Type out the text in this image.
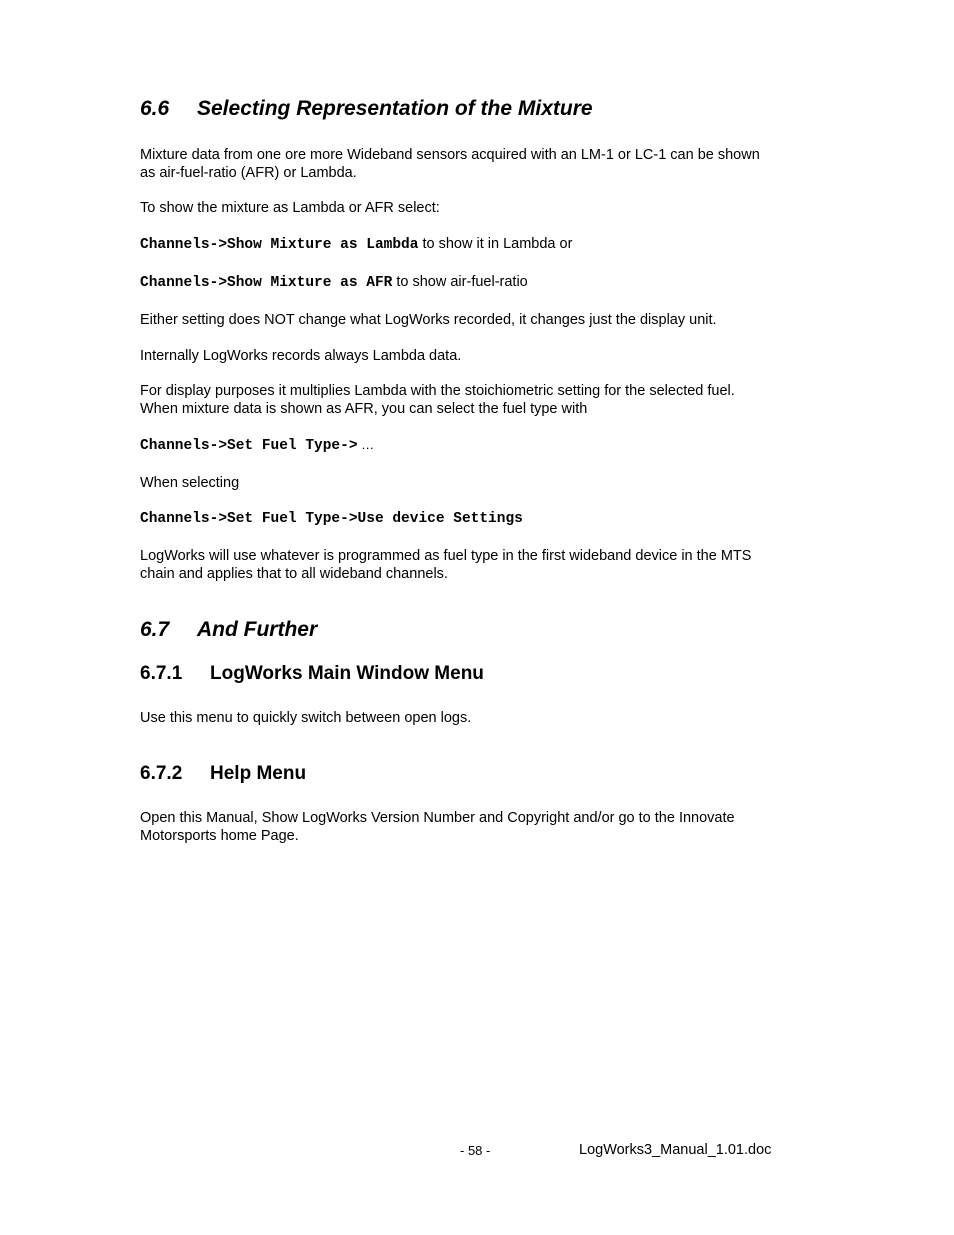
6.6 Selecting Representation of the Mixture

Mixture data from one ore more Wideband sensors acquired with an LM-1 or LC-1 can be shown
as air-fuel-ratio (AFR) or Lambda.

To show the mixture as Lambda or AFR select:

Channels->Show Mixture as Lambda to show it in Lambda or

Channels->Show Mixture as AFR to show air-fuel-ratio

Either setting does NOT change what LogWorks recorded, it changes just the display unit.

Internally LogWorks records always Lambda data.

For display purposes it multiplies Lambda with the stoichiometric setting for the selected fuel.
When mixture data is shown as AFR, you can select the fuel type with

Channels->Set Fuel Type-> …

When selecting

Channels->Set Fuel Type->Use device Settings

LogWorks will use whatever is programmed as fuel type in the first wideband device in the MTS
chain and applies that to all wideband channels.

6.7 And Further
6.7.1 LogWorks Main Window Menu

Use this menu to quickly switch between open logs.

6.7.2 Help Menu

Open this Manual, Show LogWorks Version Number and Copyright and/or go to the Innovate
Motorsports home Page.

- 58 -	LogWorks3_Manual_1.01.doc
